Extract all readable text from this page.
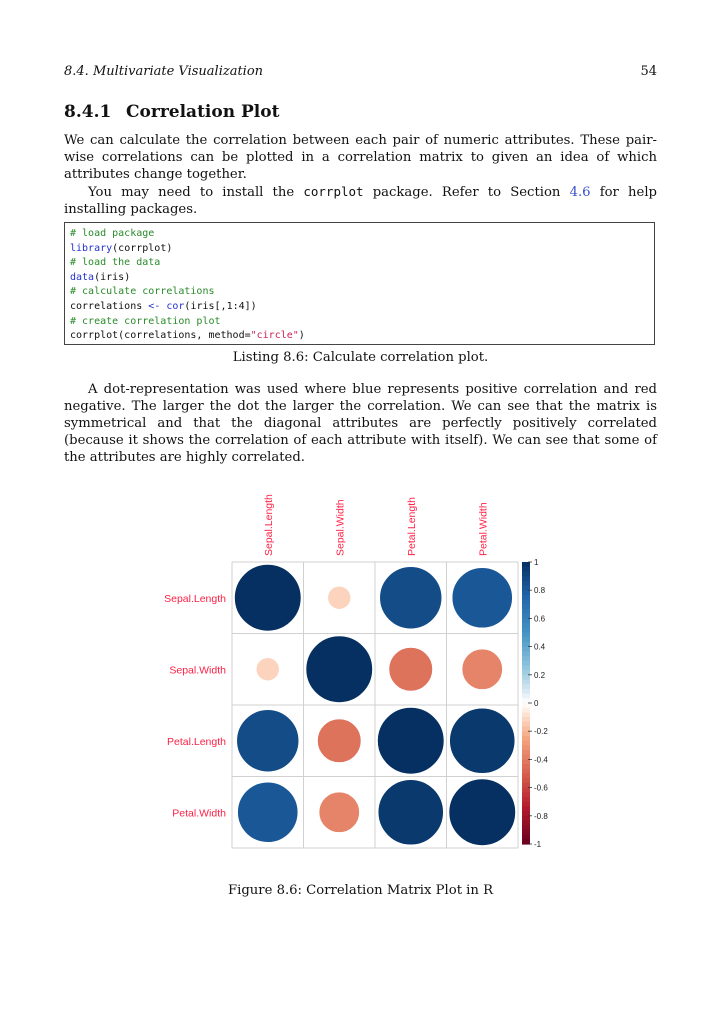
8.4. Multivariate Visualization	54
8.4.1 Correlation Plot

We can calculate the correlation between each pair of numeric attributes. These pair-wise correlations can be plotted in a correlation matrix to given an idea of which attributes change together.

You may need to install the corrplot package. Refer to Section 4.6 for help installing packages.

# load package
library(corrplot)
# load the data
data(iris)
# calculate correlations
correlations <- cor(iris[,1:4])
# create correlation plot
corrplot(correlations, method="circle")
Listing 8.6: Calculate correlation plot.

A dot-representation was used where blue represents positive correlation and red negative. The larger the dot the larger the correlation. We can see that the matrix is symmetrical and that the diagonal attributes are perfectly positively correlated (because it shows the correlation of each attribute with itself). We can see that some of the attributes are highly correlated.

Sepal.Length
Sepal.Width
Petal.Length
Petal.Width
Sepal.Length	Sepal.Width	Petal.Length	Petal.Width
1
0.8
0.6
0.4
0.2
0
-0.2
-0.4
-0.6
-0.8
-1
Figure 8.6: Correlation Matrix Plot in R
